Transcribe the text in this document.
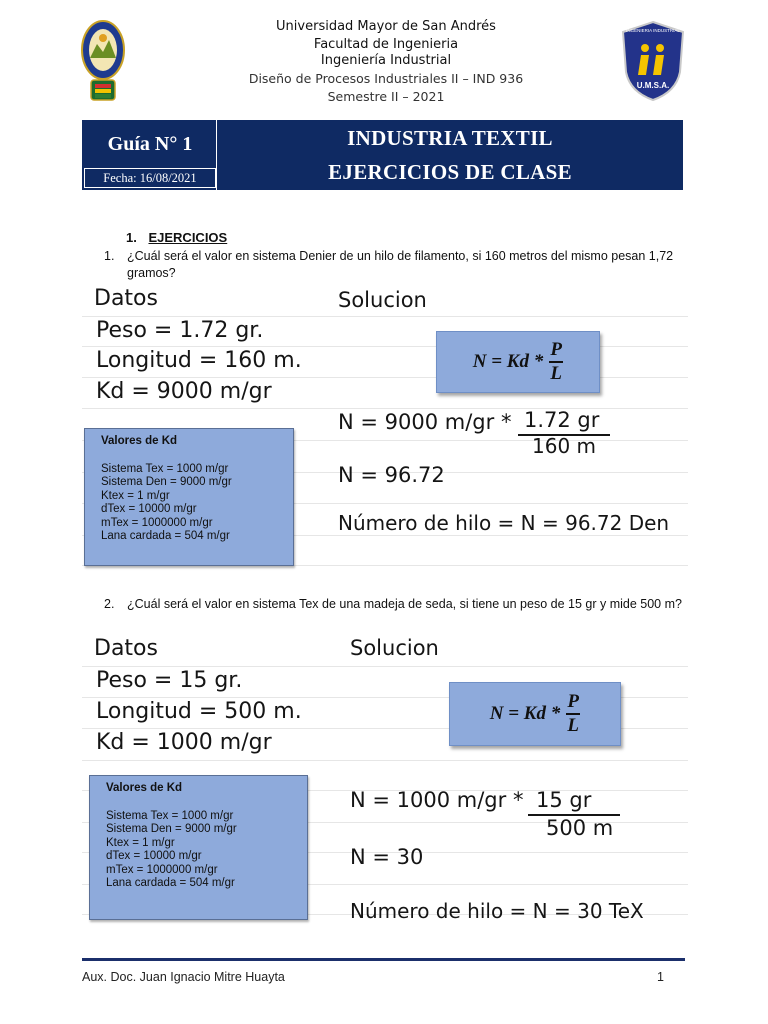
Universidad Mayor de San Andrés
Facultad de Ingenieria
Ingeniería Industrial
Diseño de Procesos Industriales II – IND 936
Semestre II – 2021
U.M.S.A.
INGENIERIA INDUSTRIAL
Guía N° 1
Fecha: 16/08/2021
INDUSTRIA TEXTIL
EJERCICIOS DE CLASE
1. EJERCICIOS
1.	¿Cuál será el valor en sistema Denier de un hilo de filamento, si 160 metros del mismo pesan 1,72 gramos?
Datos	Solucion
Peso = 1.72 gr.
Longitud = 160 m.
Kd = 9000 m/gr
$N = Kd * \frac{P}{L}$
N = 9000 m/gr * 1.72 gr
160 m
N = 96.72
Número de hilo = N = 96.72 Den
Valores de Kd
Sistema Tex = 1000 m/gr
Sistema Den = 9000 m/gr
Ktex = 1 m/gr
dTex = 10000 m/gr
mTex = 1000000 m/gr
Lana cardada = 504 m/gr
2.	¿Cuál será el valor en sistema Tex de una madeja de seda, si tiene un peso de 15 gr y mide 500 m?
Datos	Solucion
Peso = 15 gr.
Longitud = 500 m.
Kd = 1000 m/gr
$N = Kd * \frac{P}{L}$
N = 1000 m/gr * 15 gr
500 m
N = 30
Número de hilo = N = 30 TeX
Valores de Kd
Sistema Tex = 1000 m/gr
Sistema Den = 9000 m/gr
Ktex = 1 m/gr
dTex = 10000 m/gr
mTex = 1000000 m/gr
Lana cardada = 504 m/gr
Aux. Doc. Juan Ignacio Mitre Huayta	1
